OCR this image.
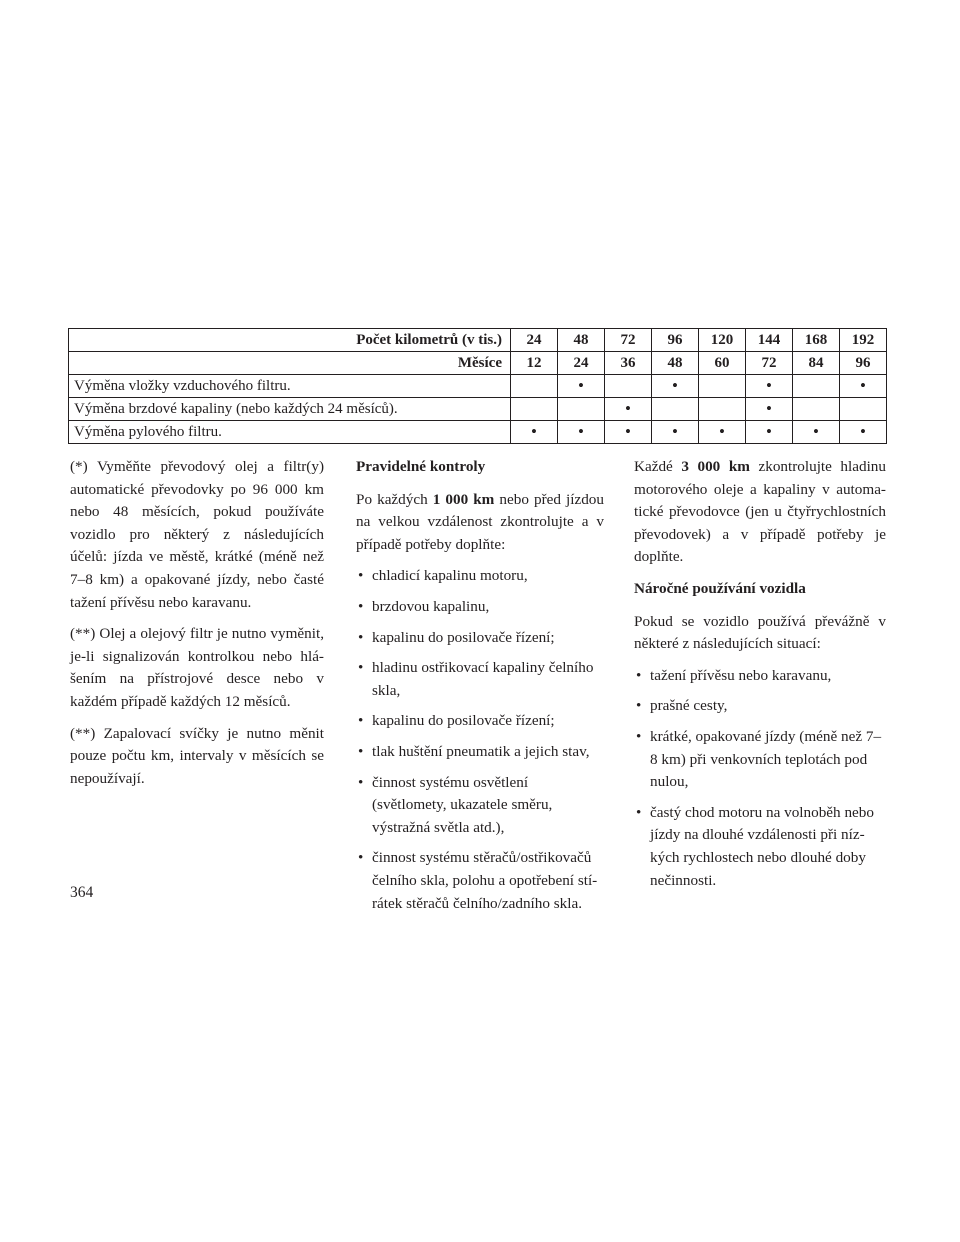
Počet kilometrů (v tis.)	24	48	72	96	120	144	168	192
Měsíce	12	24	36	48	60	72	84	96
Výměna vložky vzduchového filtru.		•		•		•		•
Výměna brzdové kapaliny (nebo každých 24 měsíců).			•			•		
Výměna pylového filtru.	•	•	•	•	•	•	•	•

(*) Vyměňte převodový olej a filtr(y) automatické převodovky po 96 000 km nebo 48 měsících, pokud používáte vozidlo pro některý z následujících účelů: jízda ve městě, krátké (méně než 7–8 km) a opakované jízdy, nebo časté tažení přívěsu nebo karavanu.

(**) Olej a olejový filtr je nutno vyměnit, je-li signalizován kontrolkou nebo hlá- šením na přístrojové desce nebo v každém případě každých 12 měsíců.

(**) Zapalovací svíčky je nutno měnit pouze počtu km, intervaly v měsících se nepoužívají.

Pravidelné kontroly

Po každých 1 000 km nebo před jízdou na velkou vzdálenost zkontrolujte a v případě potřeby doplňte:

• chladicí kapalinu motoru,
• brzdovou kapalinu,
• kapalinu do posilovače řízení;
• hladinu ostřikovací kapaliny čelního skla,
• kapalinu do posilovače řízení;
• tlak huštění pneumatik a jejich stav,
• činnost systému osvětlení (světlomety, ukazatele směru, výstražná světla atd.),
• činnost systému stěračů/ostřikovačů čelního skla, polohu a opotřebení stí- rátek stěračů čelního/zadního skla.

Každé 3 000 km zkontrolujte hladinu motorového oleje a kapaliny v automa- tické převodovce (jen u čtyřrychlostních převodovek) a v případě potřeby je doplňte.

Náročné používání vozidla

Pokud se vozidlo používá převážně v některé z následujících situací:

• tažení přívěsu nebo karavanu,
• prašné cesty,
• krátké, opakované jízdy (méně než 7–8 km) při venkovních teplotách pod nulou,
• častý chod motoru na volnoběh nebo jízdy na dlouhé vzdálenosti při níz- kých rychlostech nebo dlouhé doby nečinnosti.
364
